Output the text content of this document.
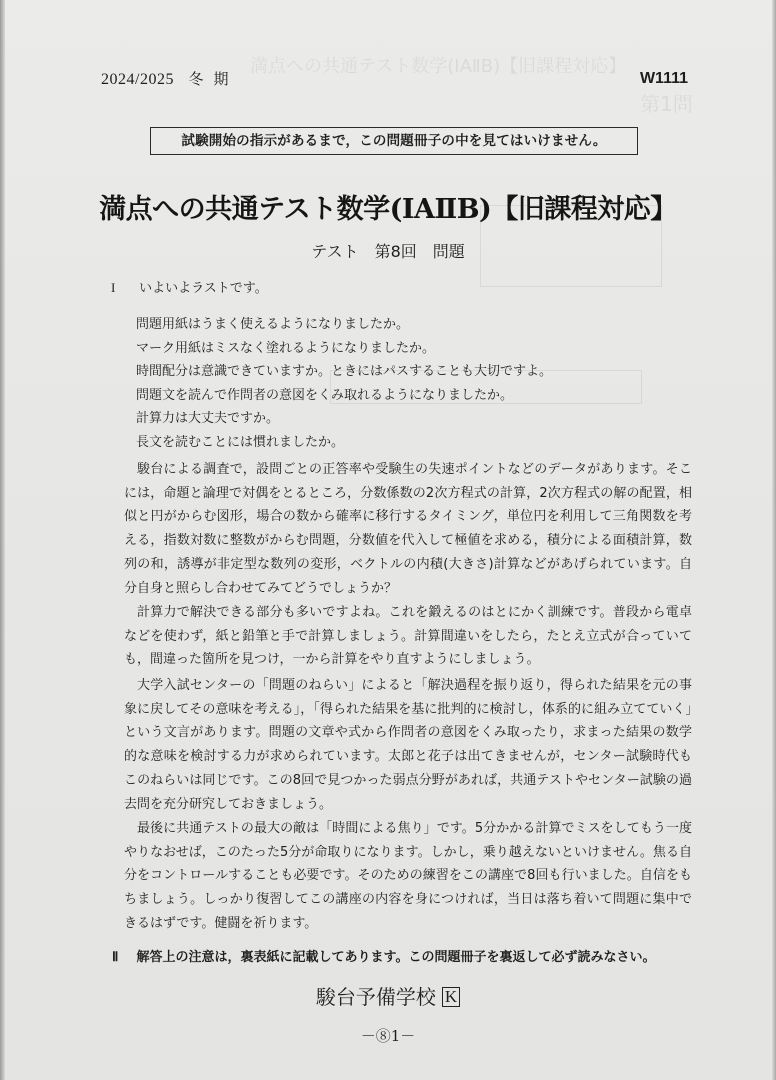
満点への共通テスト数学(IAⅡB)【旧課程対応】
第1問
2024/2025 冬期	W1111
試験開始の指示があるまで，この問題冊子の中を見てはいけません。
満点への共通テスト数学(IAⅡB)【旧課程対応】
テスト　第8回　問題
I いよいよラストです。
問題用紙はうまく使えるようになりましたか。
マーク用紙はミスなく塗れるようになりましたか。
時間配分は意識できていますか。ときにはパスすることも大切ですよ。
問題文を読んで作問者の意図をくみ取れるようになりましたか。
計算力は大丈夫ですか。
長文を読むことには慣れましたか。

駿台による調査で，設問ごとの正答率や受験生の失速ポイントなどのデータがあります。そこには，命題と論理で対偶をとるところ，分数係数の2次方程式の計算，2次方程式の解の配置，相似と円がからむ図形，場合の数から確率に移行するタイミング，単位円を利用して三角関数を考える，指数対数に整数がからむ問題，分数値を代入して極値を求める，積分による面積計算，数列の和，誘導が非定型な数列の変形，ベクトルの内積(大きさ)計算などがあげられています。自分自身と照らし合わせてみてどうでしょうか？

計算力で解決できる部分も多いですよね。これを鍛えるのはとにかく訓練です。普段から電卓などを使わず，紙と鉛筆と手で計算しましょう。計算間違いをしたら，たとえ立式が合っていても，間違った箇所を見つけ，一から計算をやり直すようにしましょう。

大学入試センターの「問題のねらい」によると「解決過程を振り返り，得られた結果を元の事象に戻してその意味を考える」，「得られた結果を基に批判的に検討し，体系的に組み立てていく」という文言があります。問題の文章や式から作問者の意図をくみ取ったり，求まった結果の数学的な意味を検討する力が求められています。太郎と花子は出てきませんが，センター試験時代もこのねらいは同じです。この8回で見つかった弱点分野があれば，共通テストやセンター試験の過去問を充分研究しておきましょう。

最後に共通テストの最大の敵は「時間による焦り」です。5分かかる計算でミスをしてもう一度やりなおせば，このたった5分が命取りになります。しかし，乗り越えないといけません。焦る自分をコントロールすることも必要です。そのための練習をこの講座で8回も行いました。自信をもちましょう。しっかり復習してこの講座の内容を身につければ，当日は落ち着いて問題に集中できるはずです。健闘を祈ります。

Ⅱ 解答上の注意は，裏表紙に記載してあります。この問題冊子を裏返して必ず読みなさい。
駿台予備学校 K
－⑧1－
